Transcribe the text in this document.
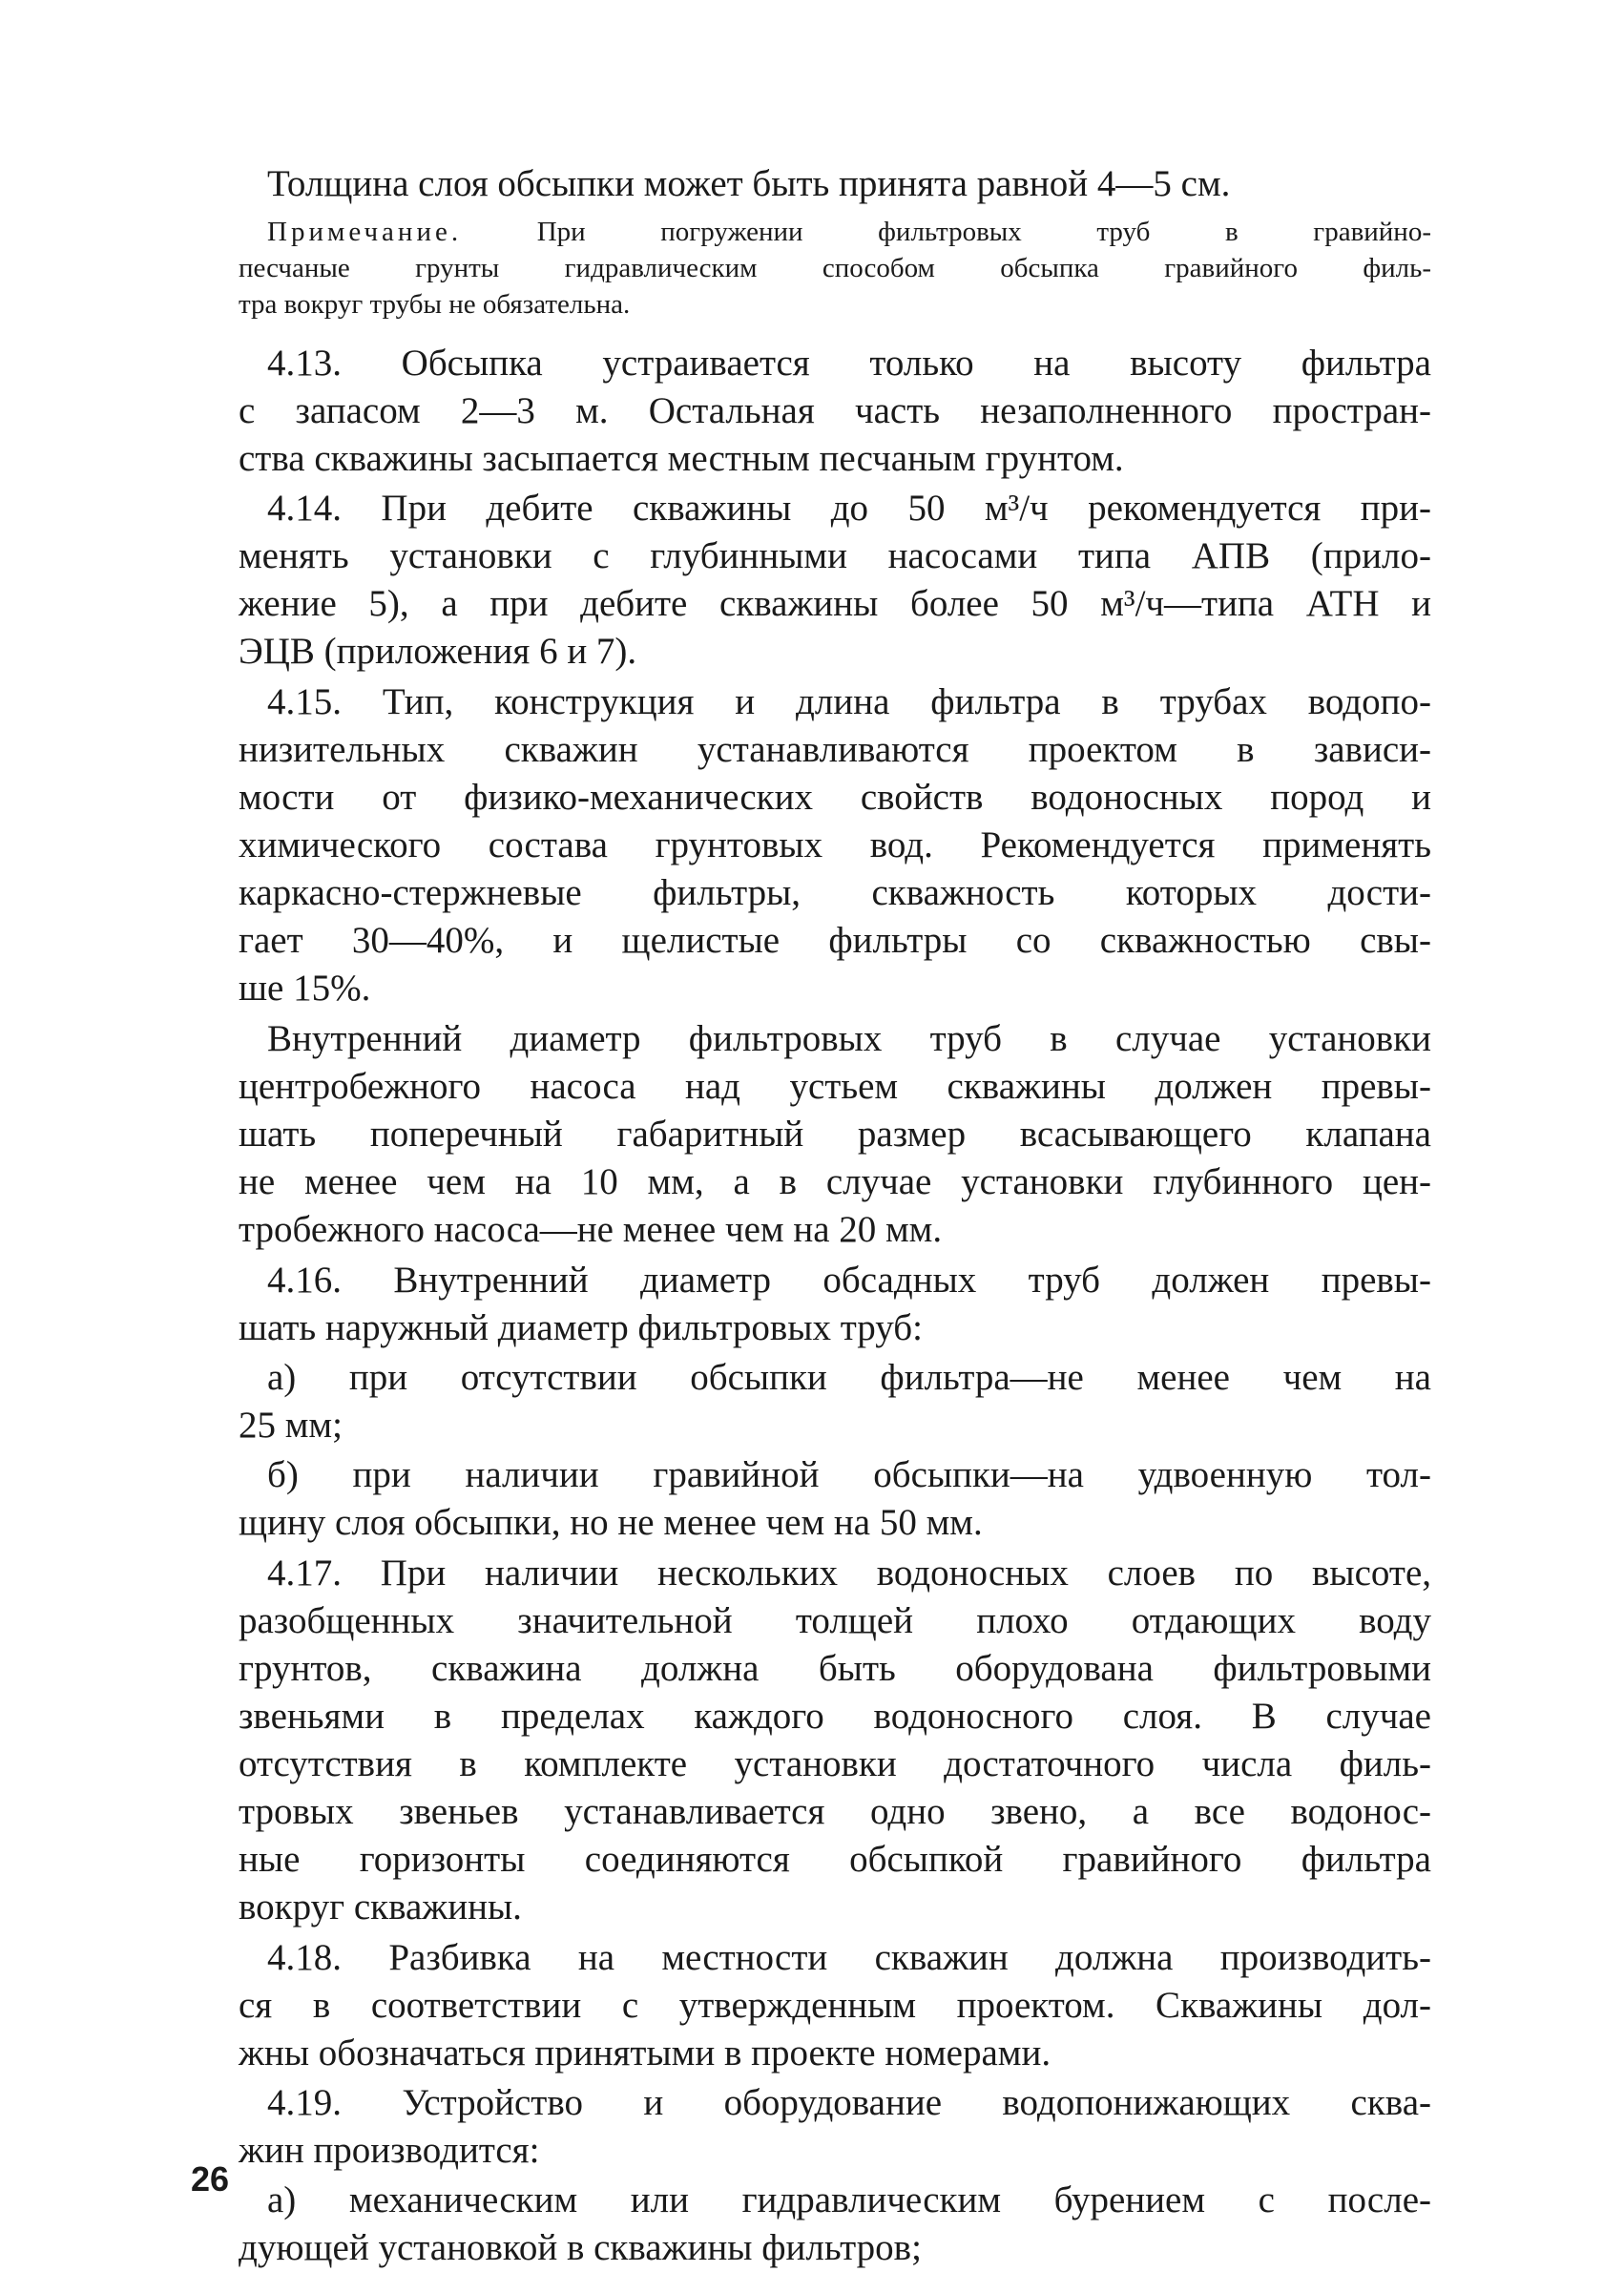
Толщина слоя обсыпки может быть принята равной 4—5 см.
Примечание. При погружении фильтровых труб в гравийно-
песчаные грунты гидравлическим способом обсыпка гравийного филь-
тра вокруг трубы не обязательна.
4.13. Обсыпка устраивается только на высоту фильтра
с запасом 2—3 м. Остальная часть незаполненного простран-
ства скважины засыпается местным песчаным грунтом.
4.14. При дебите скважины до 50 м³/ч рекомендуется при-
менять установки с глубинными насосами типа АПВ (прило-
жение 5), а при дебите скважины более 50 м³/ч—типа АТН и
ЭЦВ (приложения 6 и 7).
4.15. Тип, конструкция и длина фильтра в трубах водопо-
низительных скважин устанавливаются проектом в зависи-
мости от физико-механических свойств водоносных пород и
химического состава грунтовых вод. Рекомендуется применять
каркасно-стержневые фильтры, скважность которых дости-
гает 30—40%, и щелистые фильтры со скважностью свы-
ше 15%.
Внутренний диаметр фильтровых труб в случае установки
центробежного насоса над устьем скважины должен превы-
шать поперечный габаритный размер всасывающего клапана
не менее чем на 10 мм, а в случае установки глубинного цен-
тробежного насоса—не менее чем на 20 мм.
4.16. Внутренний диаметр обсадных труб должен превы-
шать наружный диаметр фильтровых труб:
а) при отсутствии обсыпки фильтра—не менее чем на
25 мм;
б) при наличии гравийной обсыпки—на удвоенную тол-
щину слоя обсыпки, но не менее чем на 50 мм.
4.17. При наличии нескольких водоносных слоев по высоте,
разобщенных значительной толщей плохо отдающих воду
грунтов, скважина должна быть оборудована фильтровыми
звеньями в пределах каждого водоносного слоя. В случае
отсутствия в комплекте установки достаточного числа филь-
тровых звеньев устанавливается одно звено, а все водонос-
ные горизонты соединяются обсыпкой гравийного фильтра
вокруг скважины.
4.18. Разбивка на местности скважин должна производить-
ся в соответствии с утвержденным проектом. Скважины дол-
жны обозначаться принятыми в проекте номерами.
4.19. Устройство и оборудование водопонижающих сква-
жин производится:
а) механическим или гидравлическим бурением с после-
дующей установкой в скважины фильтров;
26
